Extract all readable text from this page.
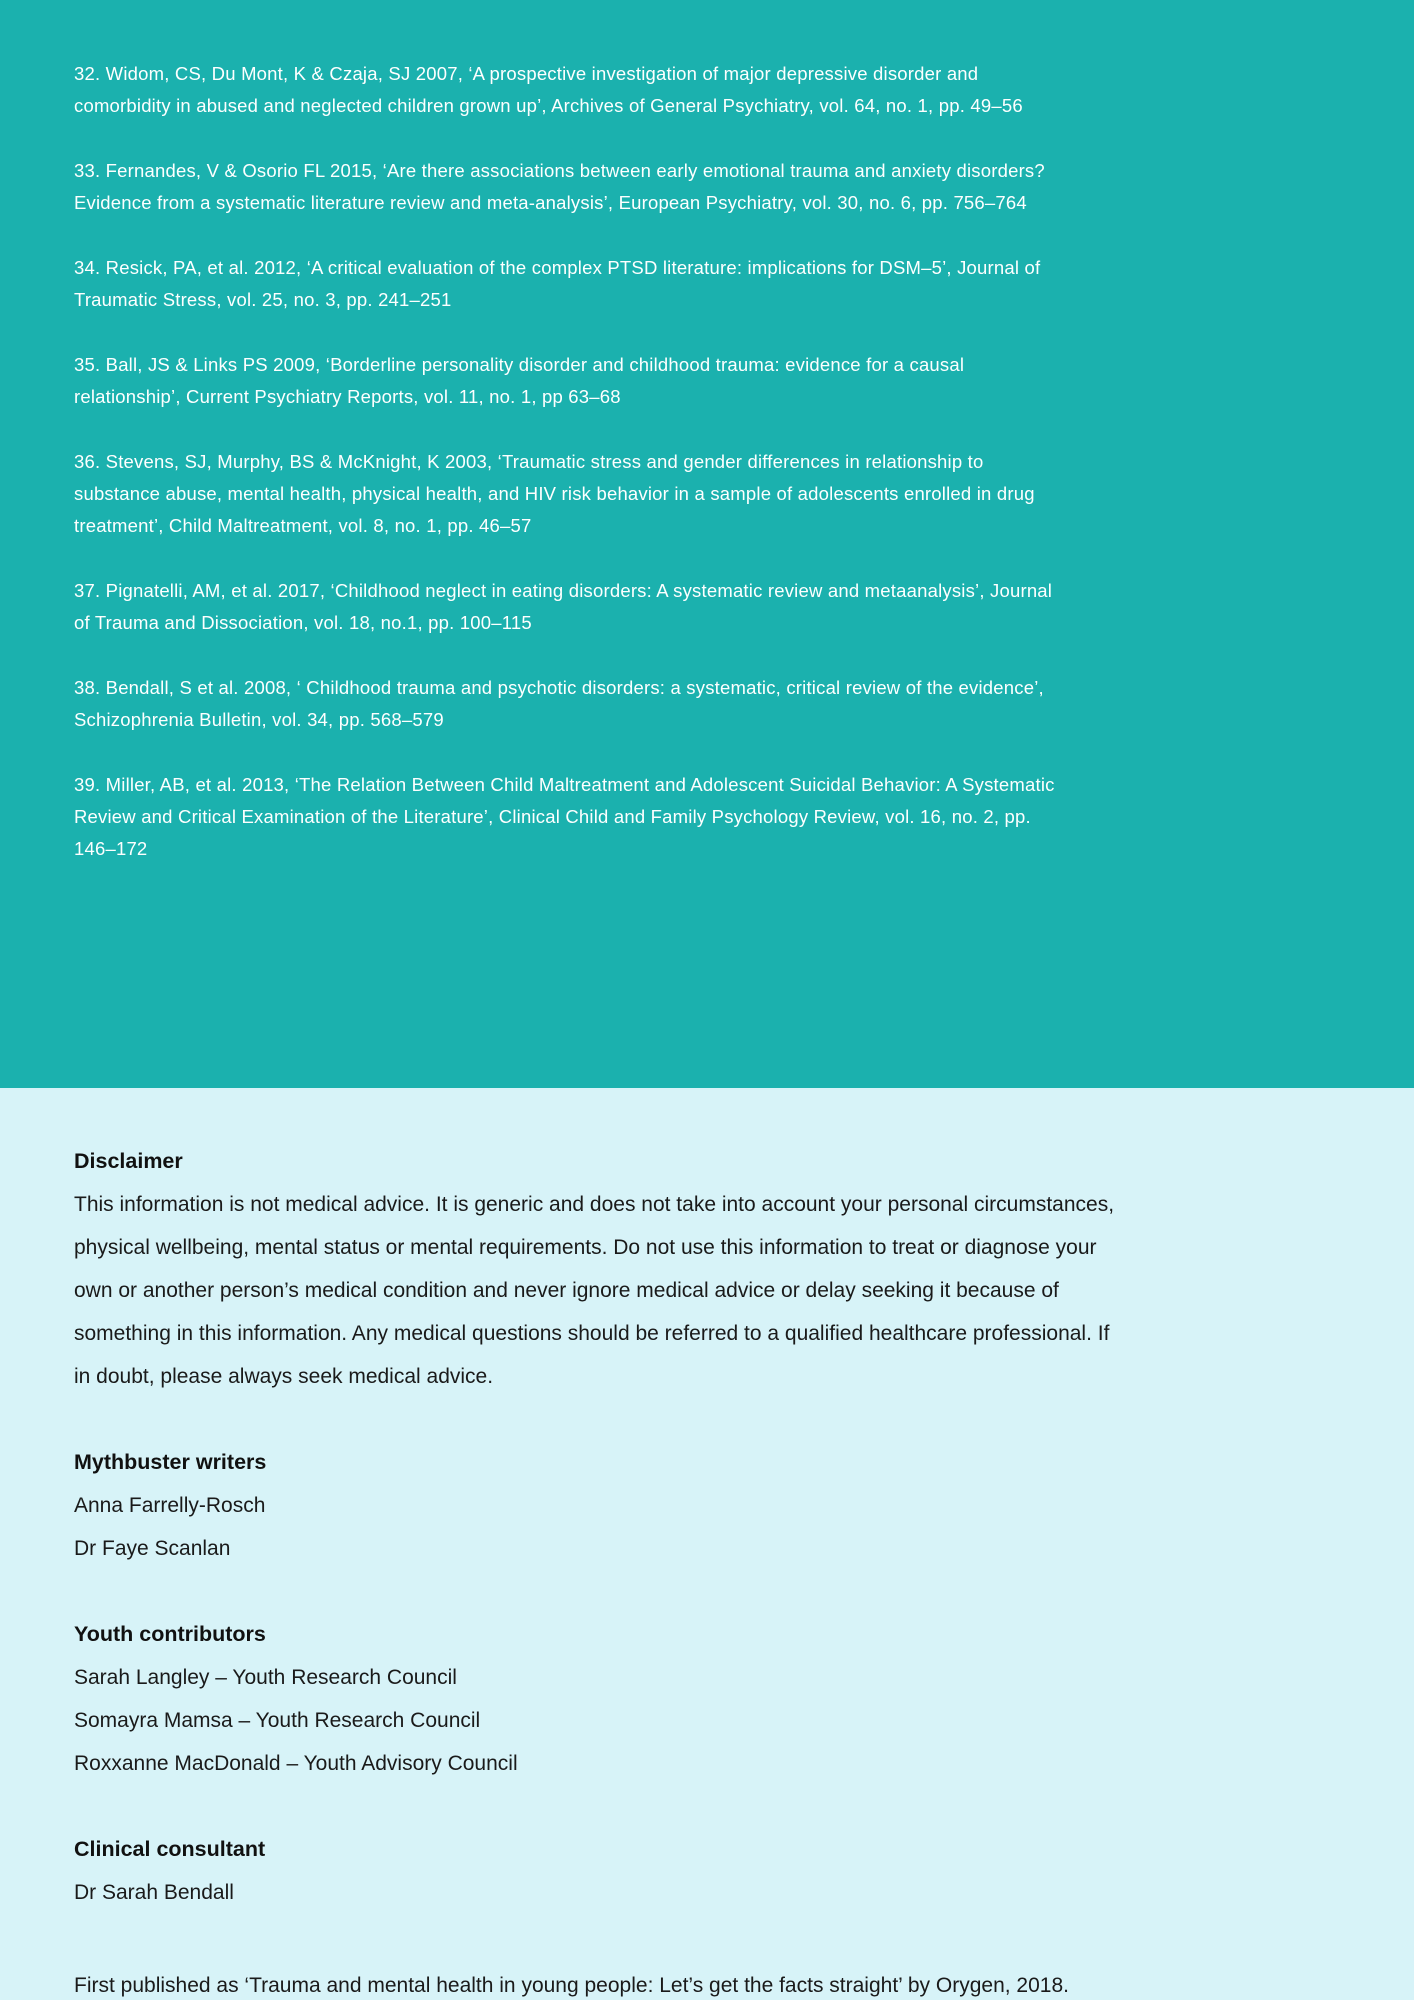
32. Widom, CS, Du Mont, K & Czaja, SJ 2007, ‘A prospective investigation of major depressive disorder and comorbidity in abused and neglected children grown up’, Archives of General Psychiatry, vol. 64, no. 1, pp. 49–56

33. Fernandes, V & Osorio FL 2015, ‘Are there associations between early emotional trauma and anxiety disorders? Evidence from a systematic literature review and meta-analysis’, European Psychiatry, vol. 30, no. 6, pp. 756–764

34. Resick, PA, et al. 2012, ‘A critical evaluation of the complex PTSD literature: implications for DSM–5’, Journal of Traumatic Stress, vol. 25, no. 3, pp. 241–251

35. Ball, JS & Links PS 2009, ‘Borderline personality disorder and childhood trauma: evidence for a causal relationship’, Current Psychiatry Reports, vol. 11, no. 1, pp 63–68

36. Stevens, SJ, Murphy, BS & McKnight, K 2003, ‘Traumatic stress and gender differences in relationship to substance abuse, mental health, physical health, and HIV risk behavior in a sample of adolescents enrolled in drug treatment’, Child Maltreatment, vol. 8, no. 1, pp. 46–57

37. Pignatelli, AM, et al. 2017, ‘Childhood neglect in eating disorders: A systematic review and metaanalysis’, Journal of Trauma and Dissociation, vol. 18, no.1, pp. 100–115

38. Bendall, S et al. 2008, ‘ Childhood trauma and psychotic disorders: a systematic, critical review of the evidence’, Schizophrenia Bulletin, vol. 34, pp. 568–579

39. Miller, AB, et al. 2013, ‘The Relation Between Child Maltreatment and Adolescent Suicidal Behavior: A Systematic Review and Critical Examination of the Literature’, Clinical Child and Family Psychology Review, vol. 16, no. 2, pp. 146–172

Disclaimer

This information is not medical advice. It is generic and does not take into account your personal circumstances, physical wellbeing, mental status or mental requirements. Do not use this information to treat or diagnose your own or another person’s medical condition and never ignore medical advice or delay seeking it because of something in this information. Any medical questions should be referred to a qualified healthcare professional. If in doubt, please always seek medical advice.

Mythbuster writers

Anna Farrelly-Rosch

Dr Faye Scanlan

Youth contributors

Sarah Langley – Youth Research Council

Somayra Mamsa – Youth Research Council

Roxxanne MacDonald – Youth Advisory Council

Clinical consultant

Dr Sarah Bendall

First published as ‘Trauma and mental health in young people: Let’s get the facts straight’ by Orygen, 2018.
